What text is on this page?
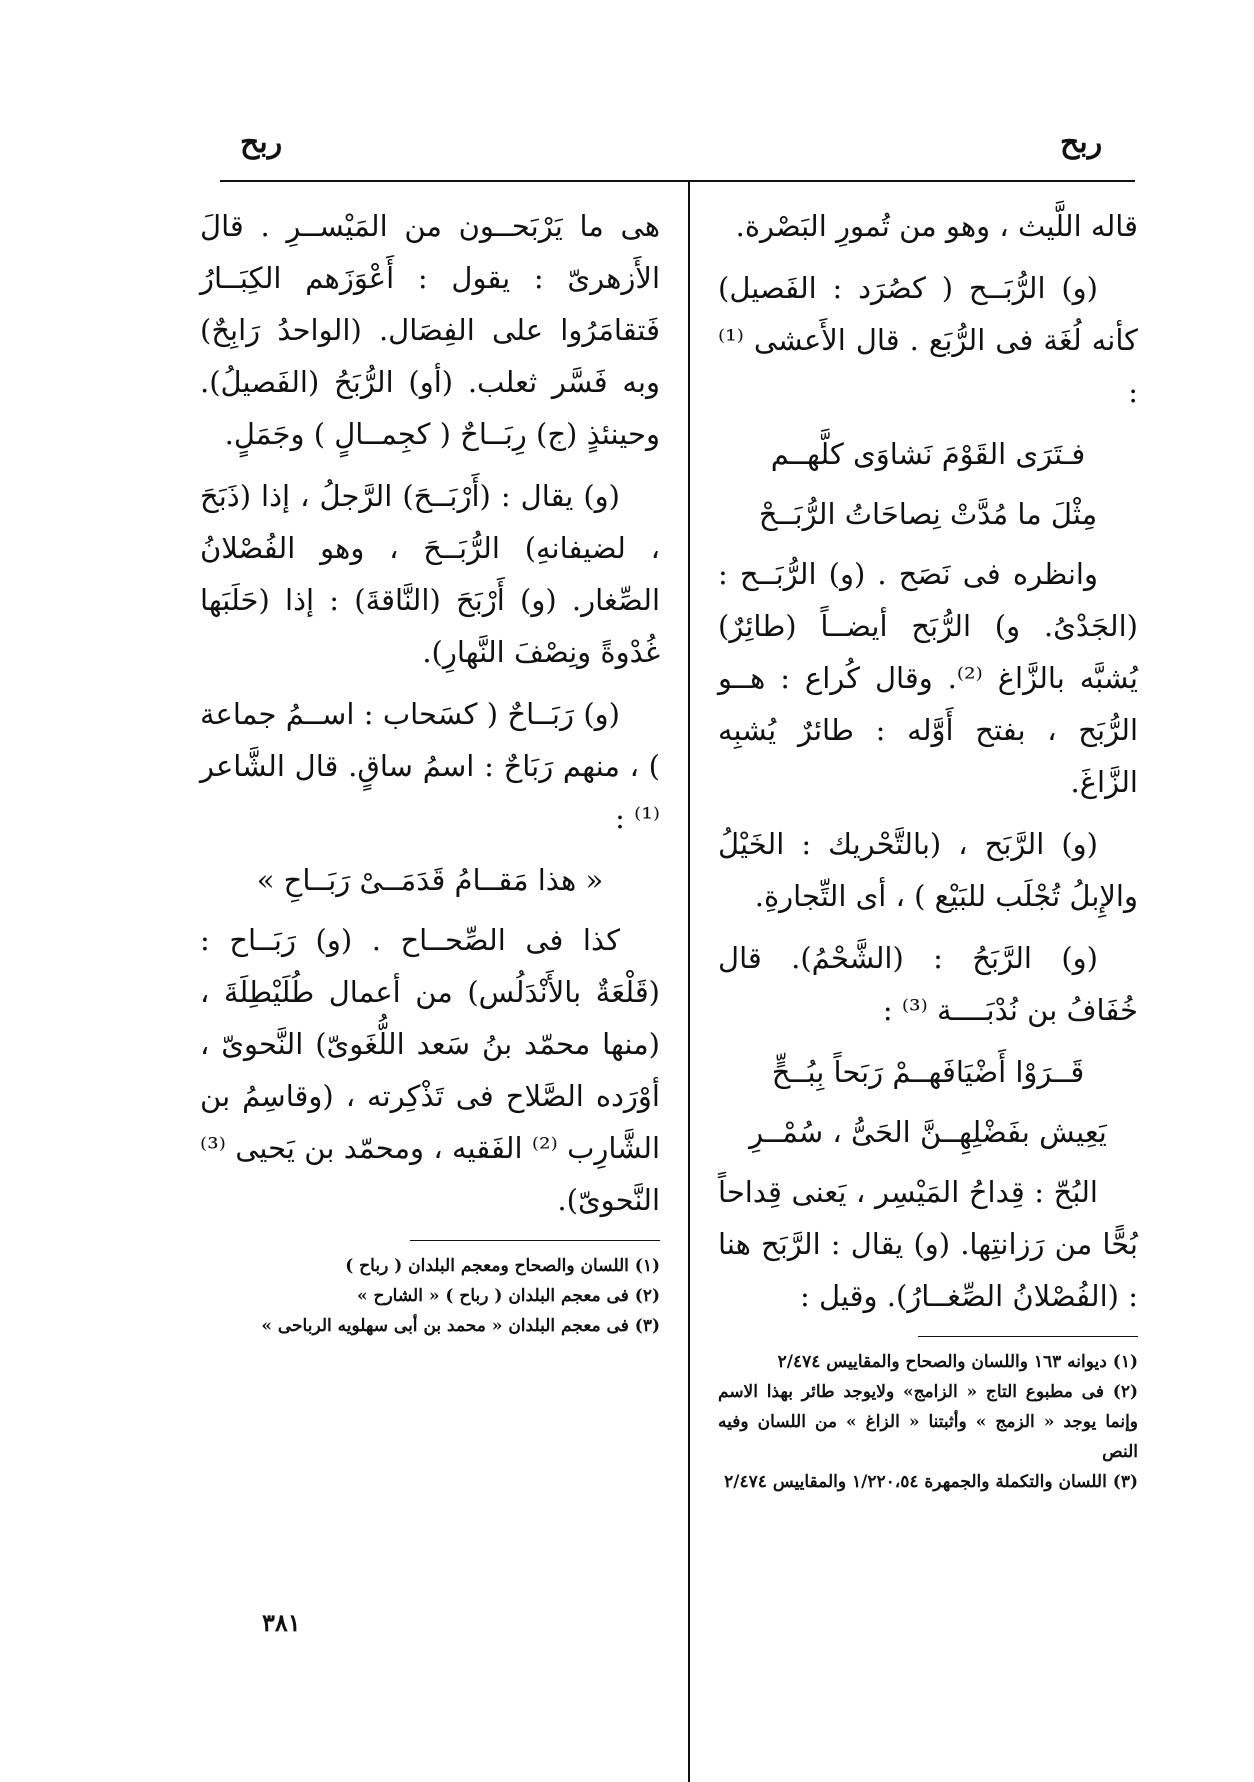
ربح
ربح

قاله اللَّيث ، وهو من تُمورِ البَصْرة.

(و) الرُّبَــح ( كصُرَد : الفَصيل) كأنه لُغَة فى الرُّبَع . قال الأَعشى ⁽¹⁾ :

فـتَرَى القَوْمَ نَشاوَى كلَّهــم

مِثْلَ ما مُدَّتْ نِصاحَاتُ الرُّبَــحْ

وانظره فى نَصَح . (و) الرُّبَــح : (الجَدْىُ. و) الرُّبَح أيضــاً (طائِرٌ) يُشبَّه بالزَّاغ ⁽²⁾. وقال كُراع : هــو الرُّبَح ، بفتح أَوَّله : طائرٌ يُشبِه الزَّاغَ.

(و) الرَّبَح ، (بالتَّحْريك : الخَيْلُ والإِبلُ تُجْلَب للبَيْع ) ، أى التِّجارةِ.

(و) الرَّبَحُ : (الشَّحْمُ). قال خُفَافُ بن نُدْبَــــة ⁽³⁾ :

قَــرَوْا أَضْيَافَهــمْ رَبَحاً بِبُــحٍّ

يَعِيش بفَضْلِهِــنَّ الحَىُّ ، سُمْــرِ

البُحّ : قِداحُ المَيْسِر ، يَعنى قِداحاً بُحًّا من رَزانتِها. (و) يقال : الرَّبَح هنا : (الفُصْلانُ الصِّغــارُ). وقيل :

(١) ديوانه ١٦٣ واللسان والصحاح والمقاييس ٢/٤٧٤
(٢) فى مطبوع التاج « الزامج» ولايوجد طائر بهذا الاسم وإنما يوجد « الزمج » وأثبتنا « الزاغ » من اللسان وفيه النص
(٣) اللسان والتكملة والجمهرة ١/٢٢٠،٥٤ والمقاييس ٢/٤٧٤

هى ما يَرْبَحــون من المَيْســرِ . قالَ الأَزهرىّ : يقول : أَعْوَزَهم الكِبَــارُ فَتقامَرُوا على الفِصَال. (الواحدُ رَابِحٌ) وبه فَسَّر ثعلب. (أو) الرُّبَحُ (الفَصيلُ). وحينئذٍ (ج) رِبَــاحٌ ( كجِمــالٍ ) وجَمَلٍ.

(و) يقال : (أَرْبَــحَ) الرَّجلُ ، إذا (ذَبَحَ ، لضيفانهِ) الرُّبَــحَ ، وهو الفُصْلانُ الصِّغار. (و) أَرْبَحَ (النَّاقةَ) : إذا (حَلَبَها غُدْوةً ونِصْفَ النَّهارِ).

(و) رَبَــاحٌ ( كسَحاب : اســمُ جماعة ) ، منهم رَبَاحٌ : اسمُ ساقٍ. قال الشَّاعر ⁽¹⁾ :

« هذا مَقــامُ قَدَمَــىْ رَبَــاحِ »

كذا فى الصِّحــاح . (و) رَبَــاح : (قَلْعَةٌ بالأَنْدَلُس) من أعمال طُلَيْطِلَةَ ، (منها محمّد بنُ سَعد اللُّغَوىّ) النَّحوىّ ، أوْرَده الصَّلاح فى تَذْكِرته ، (وقاسِمُ بن الشَّارِب ⁽²⁾ الفَقيه ، ومحمّد بن يَحيى ⁽³⁾ النَّحوىّ).

(١) اللسان والصحاح ومعجم البلدان ( رباح )
(٢) فى معجم البلدان ( رباح ) « الشارح »
(٣) فى معجم البلدان « محمد بن أبى سهلويه الرباحى »
٣٨١
